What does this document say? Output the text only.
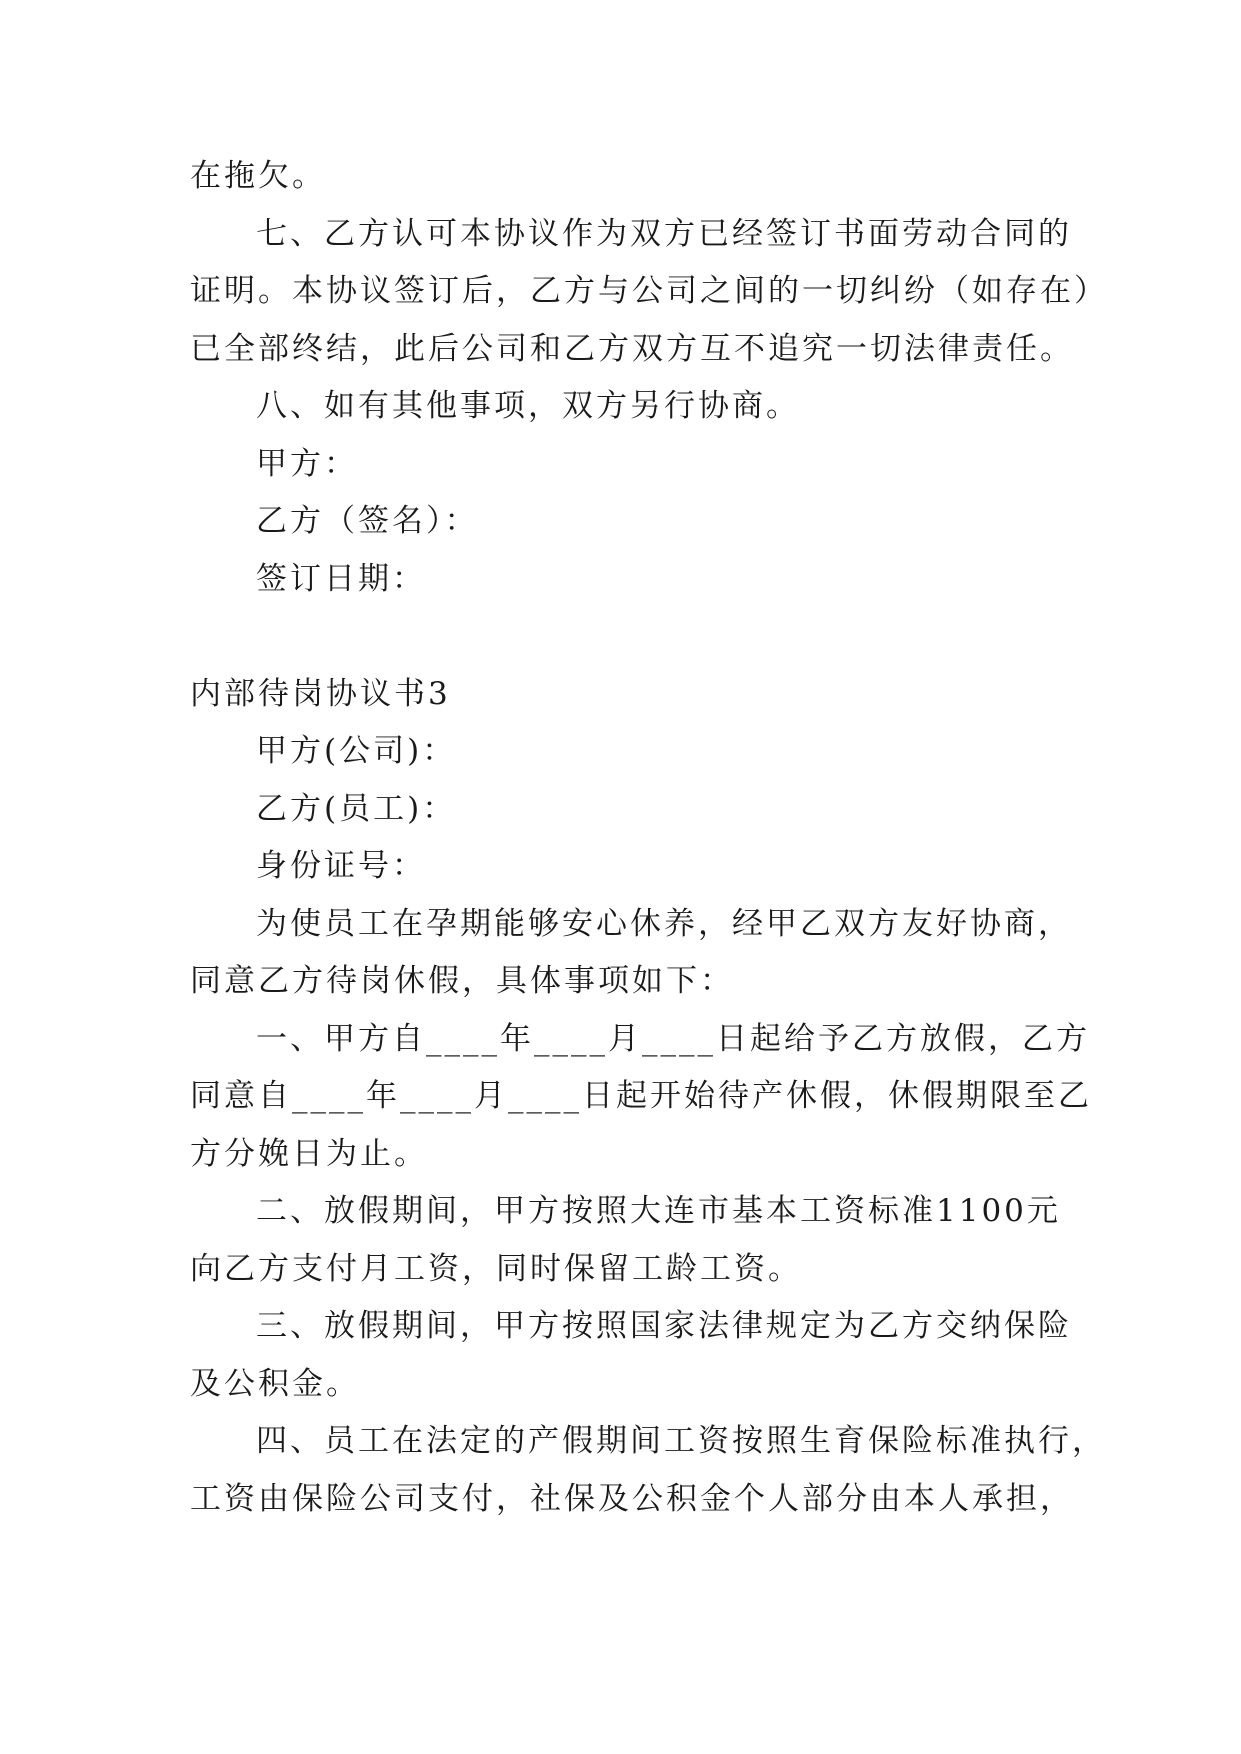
在拖欠。
七、乙方认可本协议作为双方已经签订书面劳动合同的
证明。本协议签订后，乙方与公司之间的一切纠纷（如存在）
已全部终结，此后公司和乙方双方互不追究一切法律责任。
八、如有其他事项，双方另行协商。
甲方：
乙方（签名）：
签订日期：
内部待岗协议书3
甲方(公司)：
乙方(员工)：
身份证号：
为使员工在孕期能够安心休养，经甲乙双方友好协商，
同意乙方待岗休假，具体事项如下：
一、甲方自____年____月____日起给予乙方放假，乙方
同意自____年____月____日起开始待产休假，休假期限至乙
方分娩日为止。
二、放假期间，甲方按照大连市基本工资标准1100元
向乙方支付月工资，同时保留工龄工资。
三、放假期间，甲方按照国家法律规定为乙方交纳保险
及公积金。
四、员工在法定的产假期间工资按照生育保险标准执行，
工资由保险公司支付，社保及公积金个人部分由本人承担，
